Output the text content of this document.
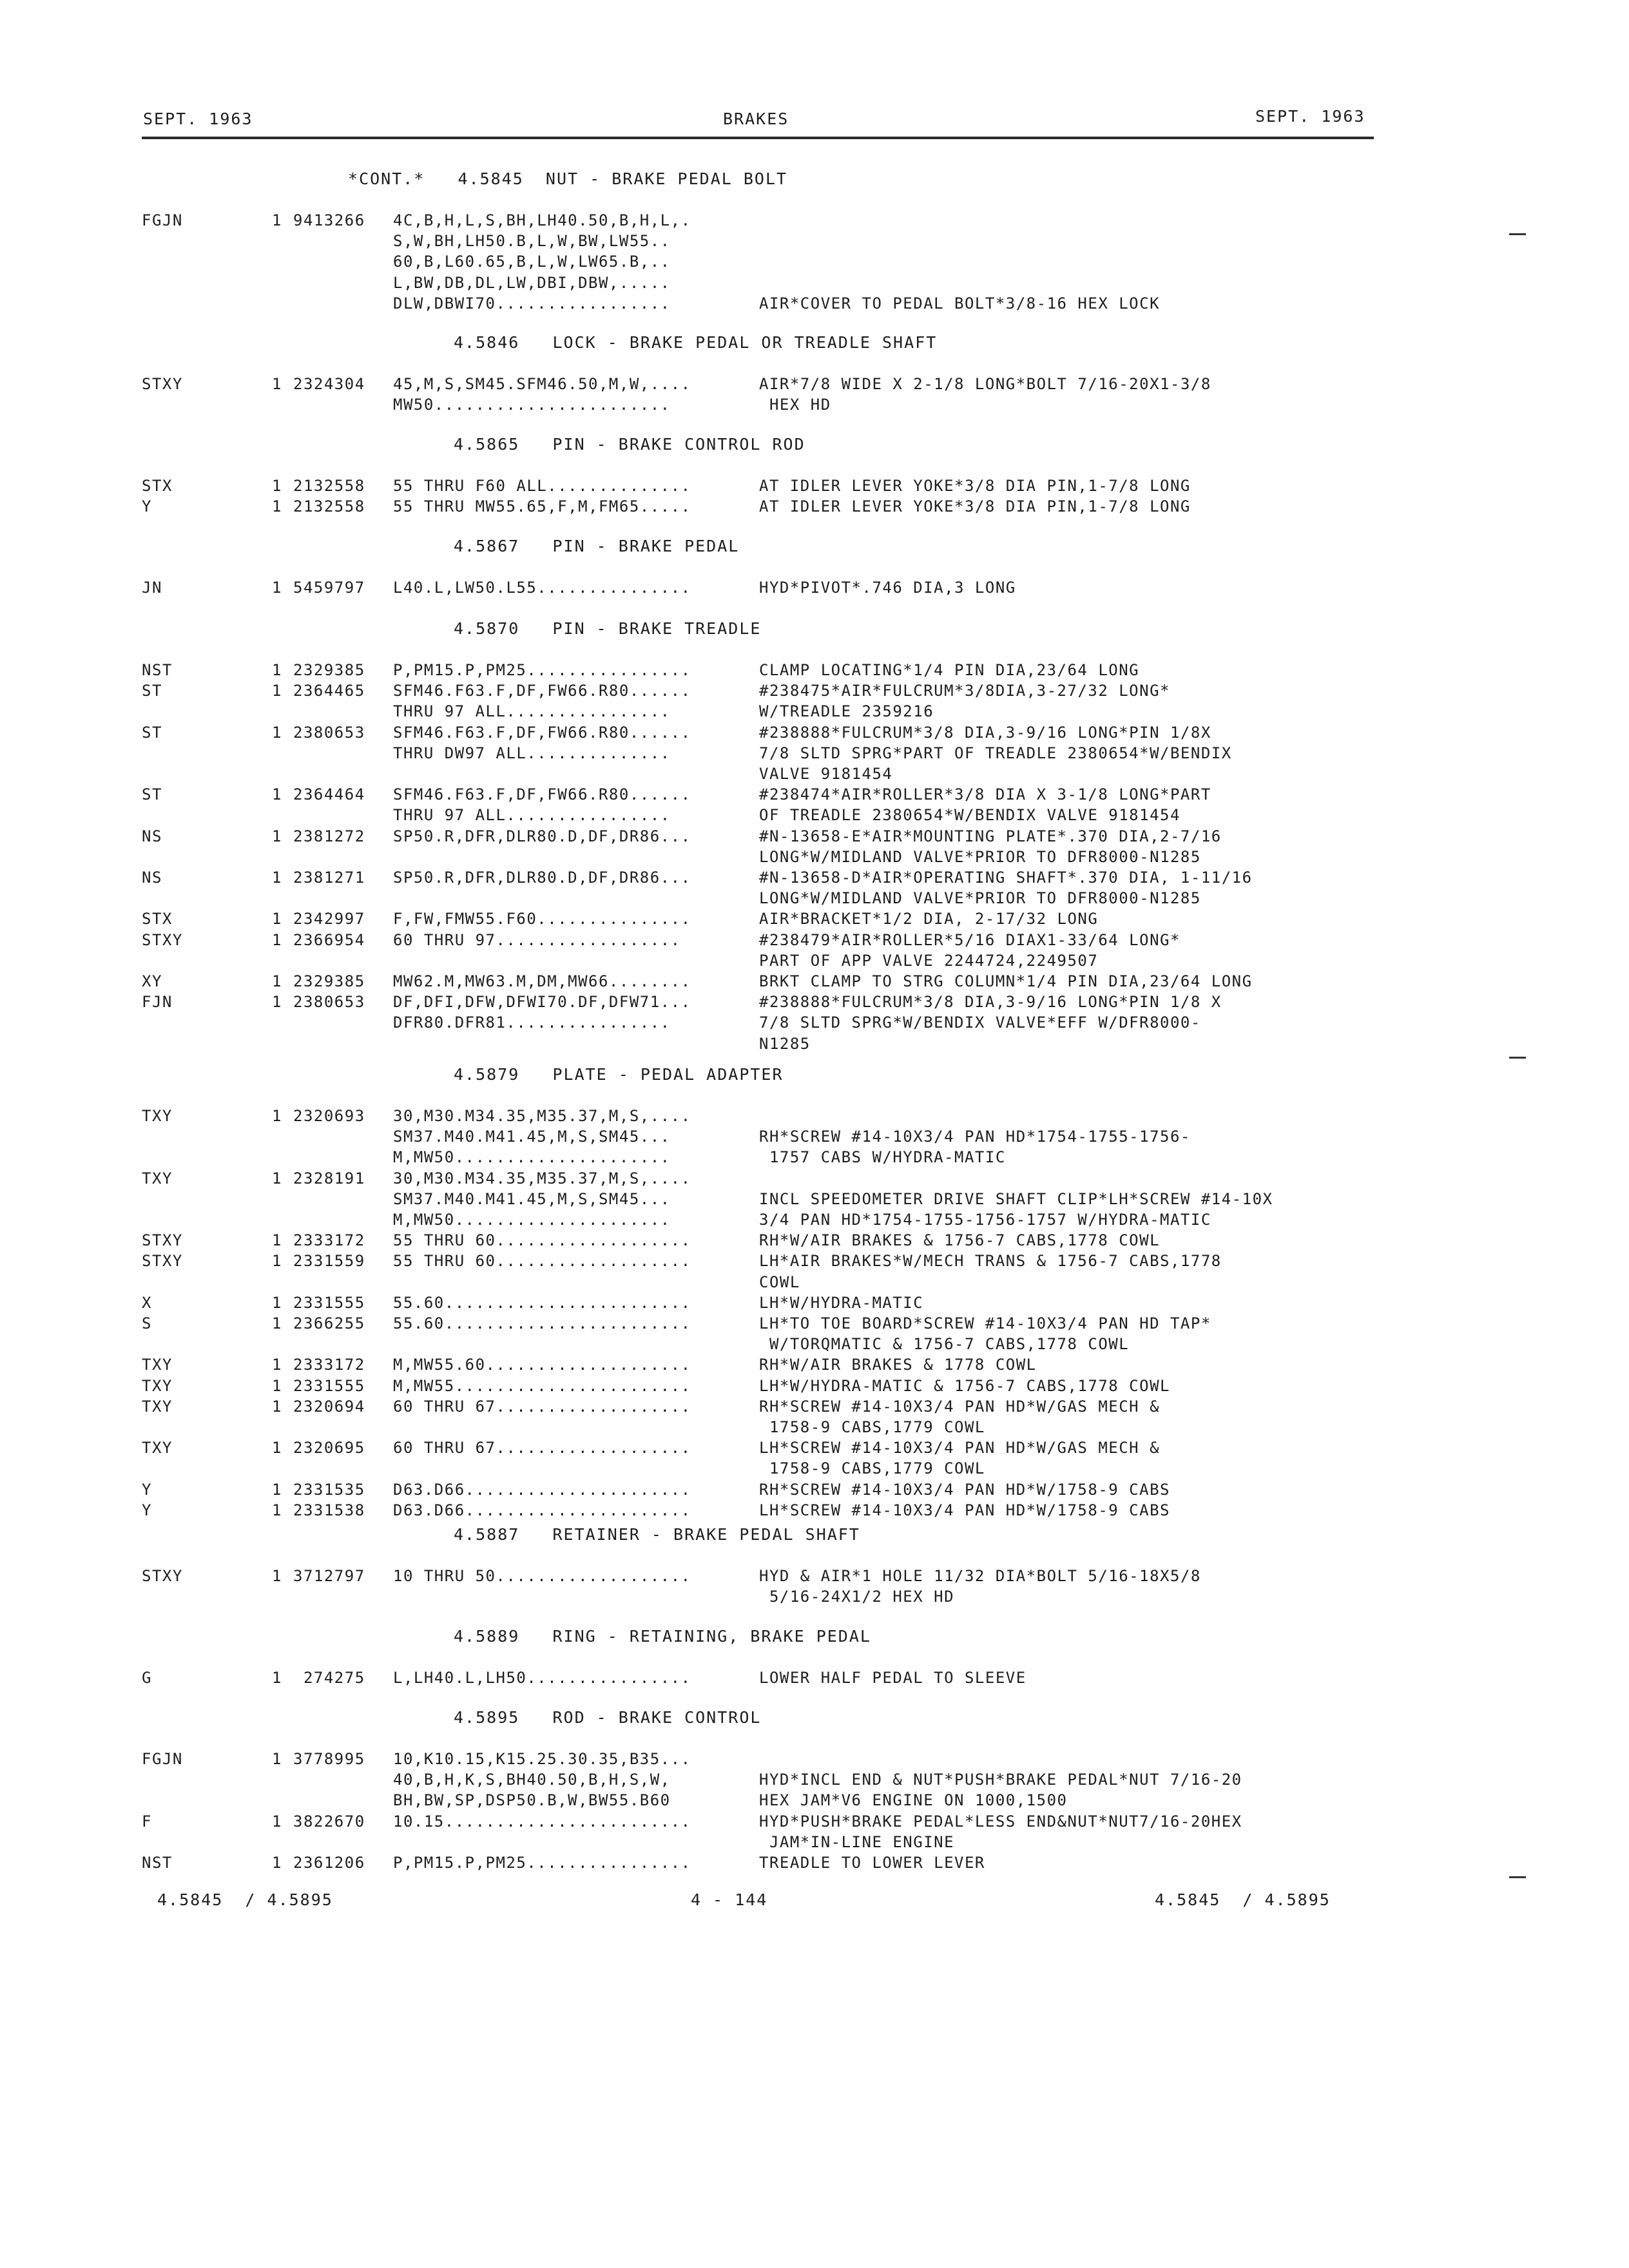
SEPT. 1963	BRAKES	SEPT. 1963
*CONT.*   4.5845  NUT - BRAKE PEDAL BOLT
FGJN	1 9413266 4C,B,H,L,S,BH,LH40.50,B,H,L,.
S,W,BH,LH50.B,L,W,BW,LW55..
60,B,L60.65,B,L,W,LW65.B,..
L,BW,DB,DL,LW,DBI,DBW,.....
DLW,DBWI70.................	AIR*COVER TO PEDAL BOLT*3/8-16 HEX LOCK
4.5846   LOCK - BRAKE PEDAL OR TREADLE SHAFT
STXY	1 2324304 45,M,S,SM45.SFM46.50,M,W,....	AIR*7/8 WIDE X 2-1/8 LONG*BOLT 7/16-20X1-3/8
MW50.......................	HEX HD
4.5865   PIN - BRAKE CONTROL ROD
STX	1 2132558 55 THRU F60 ALL..............	AT IDLER LEVER YOKE*3/8 DIA PIN,1-7/8 LONG
Y	1 2132558 55 THRU MW55.65,F,M,FM65.....	AT IDLER LEVER YOKE*3/8 DIA PIN,1-7/8 LONG
4.5867   PIN - BRAKE PEDAL
JN	1 5459797 L40.L,LW50.L55...............	HYD*PIVOT*.746 DIA,3 LONG
4.5870   PIN - BRAKE TREADLE
NST	1 2329385 P,PM15.P,PM25................	CLAMP LOCATING*1/4 PIN DIA,23/64 LONG
ST	1 2364465 SFM46.F63.F,DF,FW66.R80......	#238475*AIR*FULCRUM*3/8DIA,3-27/32 LONG*
THRU 97 ALL................	W/TREADLE 2359216
ST	1 2380653 SFM46.F63.F,DF,FW66.R80......	#238888*FULCRUM*3/8 DIA,3-9/16 LONG*PIN 1/8X
THRU DW97 ALL..............	7/8 SLTD SPRG*PART OF TREADLE 2380654*W/BENDIX
VALVE 9181454
ST	1 2364464 SFM46.F63.F,DF,FW66.R80......	#238474*AIR*ROLLER*3/8 DIA X 3-1/8 LONG*PART
THRU 97 ALL................	OF TREADLE 2380654*W/BENDIX VALVE 9181454
NS	1 2381272 SP50.R,DFR,DLR80.D,DF,DR86...	#N-13658-E*AIR*MOUNTING PLATE*.370 DIA,2-7/16
LONG*W/MIDLAND VALVE*PRIOR TO DFR8000-N1285
NS	1 2381271 SP50.R,DFR,DLR80.D,DF,DR86...	#N-13658-D*AIR*OPERATING SHAFT*.370 DIA, 1-11/16
LONG*W/MIDLAND VALVE*PRIOR TO DFR8000-N1285
STX	1 2342997 F,FW,FMW55.F60...............	AIR*BRACKET*1/2 DIA, 2-17/32 LONG
STXY	1 2366954 60 THRU 97..................	#238479*AIR*ROLLER*5/16 DIAX1-33/64 LONG*
PART OF APP VALVE 2244724,2249507
XY	1 2329385 MW62.M,MW63.M,DM,MW66........	BRKT CLAMP TO STRG COLUMN*1/4 PIN DIA,23/64 LONG
FJN	1 2380653 DF,DFI,DFW,DFWI70.DF,DFW71...	#238888*FULCRUM*3/8 DIA,3-9/16 LONG*PIN 1/8 X
DFR80.DFR81................	7/8 SLTD SPRG*W/BENDIX VALVE*EFF W/DFR8000-
N1285
4.5879   PLATE - PEDAL ADAPTER
TXY	1 2320693 30,M30.M34.35,M35.37,M,S,....
SM37.M40.M41.45,M,S,SM45...	RH*SCREW #14-10X3/4 PAN HD*1754-1755-1756-
M,MW50.....................	1757 CABS W/HYDRA-MATIC
TXY	1 2328191 30,M30.M34.35,M35.37,M,S,....
SM37.M40.M41.45,M,S,SM45...	INCL SPEEDOMETER DRIVE SHAFT CLIP*LH*SCREW #14-10X
M,MW50.....................	3/4 PAN HD*1754-1755-1756-1757 W/HYDRA-MATIC
STXY	1 2333172 55 THRU 60...................	RH*W/AIR BRAKES & 1756-7 CABS,1778 COWL
STXY	1 2331559 55 THRU 60...................	LH*AIR BRAKES*W/MECH TRANS & 1756-7 CABS,1778
COWL
X	1 2331555 55.60........................	LH*W/HYDRA-MATIC
S	1 2366255 55.60........................	LH*TO TOE BOARD*SCREW #14-10X3/4 PAN HD TAP*
W/TORQMATIC & 1756-7 CABS,1778 COWL
TXY	1 2333172 M,MW55.60....................	RH*W/AIR BRAKES & 1778 COWL
TXY	1 2331555 M,MW55.......................	LH*W/HYDRA-MATIC & 1756-7 CABS,1778 COWL
TXY	1 2320694 60 THRU 67...................	RH*SCREW #14-10X3/4 PAN HD*W/GAS MECH &
1758-9 CABS,1779 COWL
TXY	1 2320695 60 THRU 67...................	LH*SCREW #14-10X3/4 PAN HD*W/GAS MECH &
1758-9 CABS,1779 COWL
Y	1 2331535 D63.D66......................	RH*SCREW #14-10X3/4 PAN HD*W/1758-9 CABS
Y	1 2331538 D63.D66......................	LH*SCREW #14-10X3/4 PAN HD*W/1758-9 CABS
4.5887   RETAINER - BRAKE PEDAL SHAFT
STXY	1 3712797 10 THRU 50...................	HYD & AIR*1 HOLE 11/32 DIA*BOLT 5/16-18X5/8
5/16-24X1/2 HEX HD
4.5889   RING - RETAINING, BRAKE PEDAL
G	1 274275 L,LH40.L,LH50................	LOWER HALF PEDAL TO SLEEVE
4.5895   ROD - BRAKE CONTROL
FGJN	1 3778995 10,K10.15,K15.25.30.35,B35...
40,B,H,K,S,BH40.50,B,H,S,W,	HYD*INCL END & NUT*PUSH*BRAKE PEDAL*NUT 7/16-20
BH,BW,SP,DSP50.B,W,BW55.B60	HEX JAM*V6 ENGINE ON 1000,1500
F	1 3822670 10.15........................	HYD*PUSH*BRAKE PEDAL*LESS END&NUT*NUT7/16-20HEX
JAM*IN-LINE ENGINE
NST	1 2361206 P,PM15.P,PM25................	TREADLE TO LOWER LEVER
4.5845  / 4.5895	4 - 144	4.5845  / 4.5895
